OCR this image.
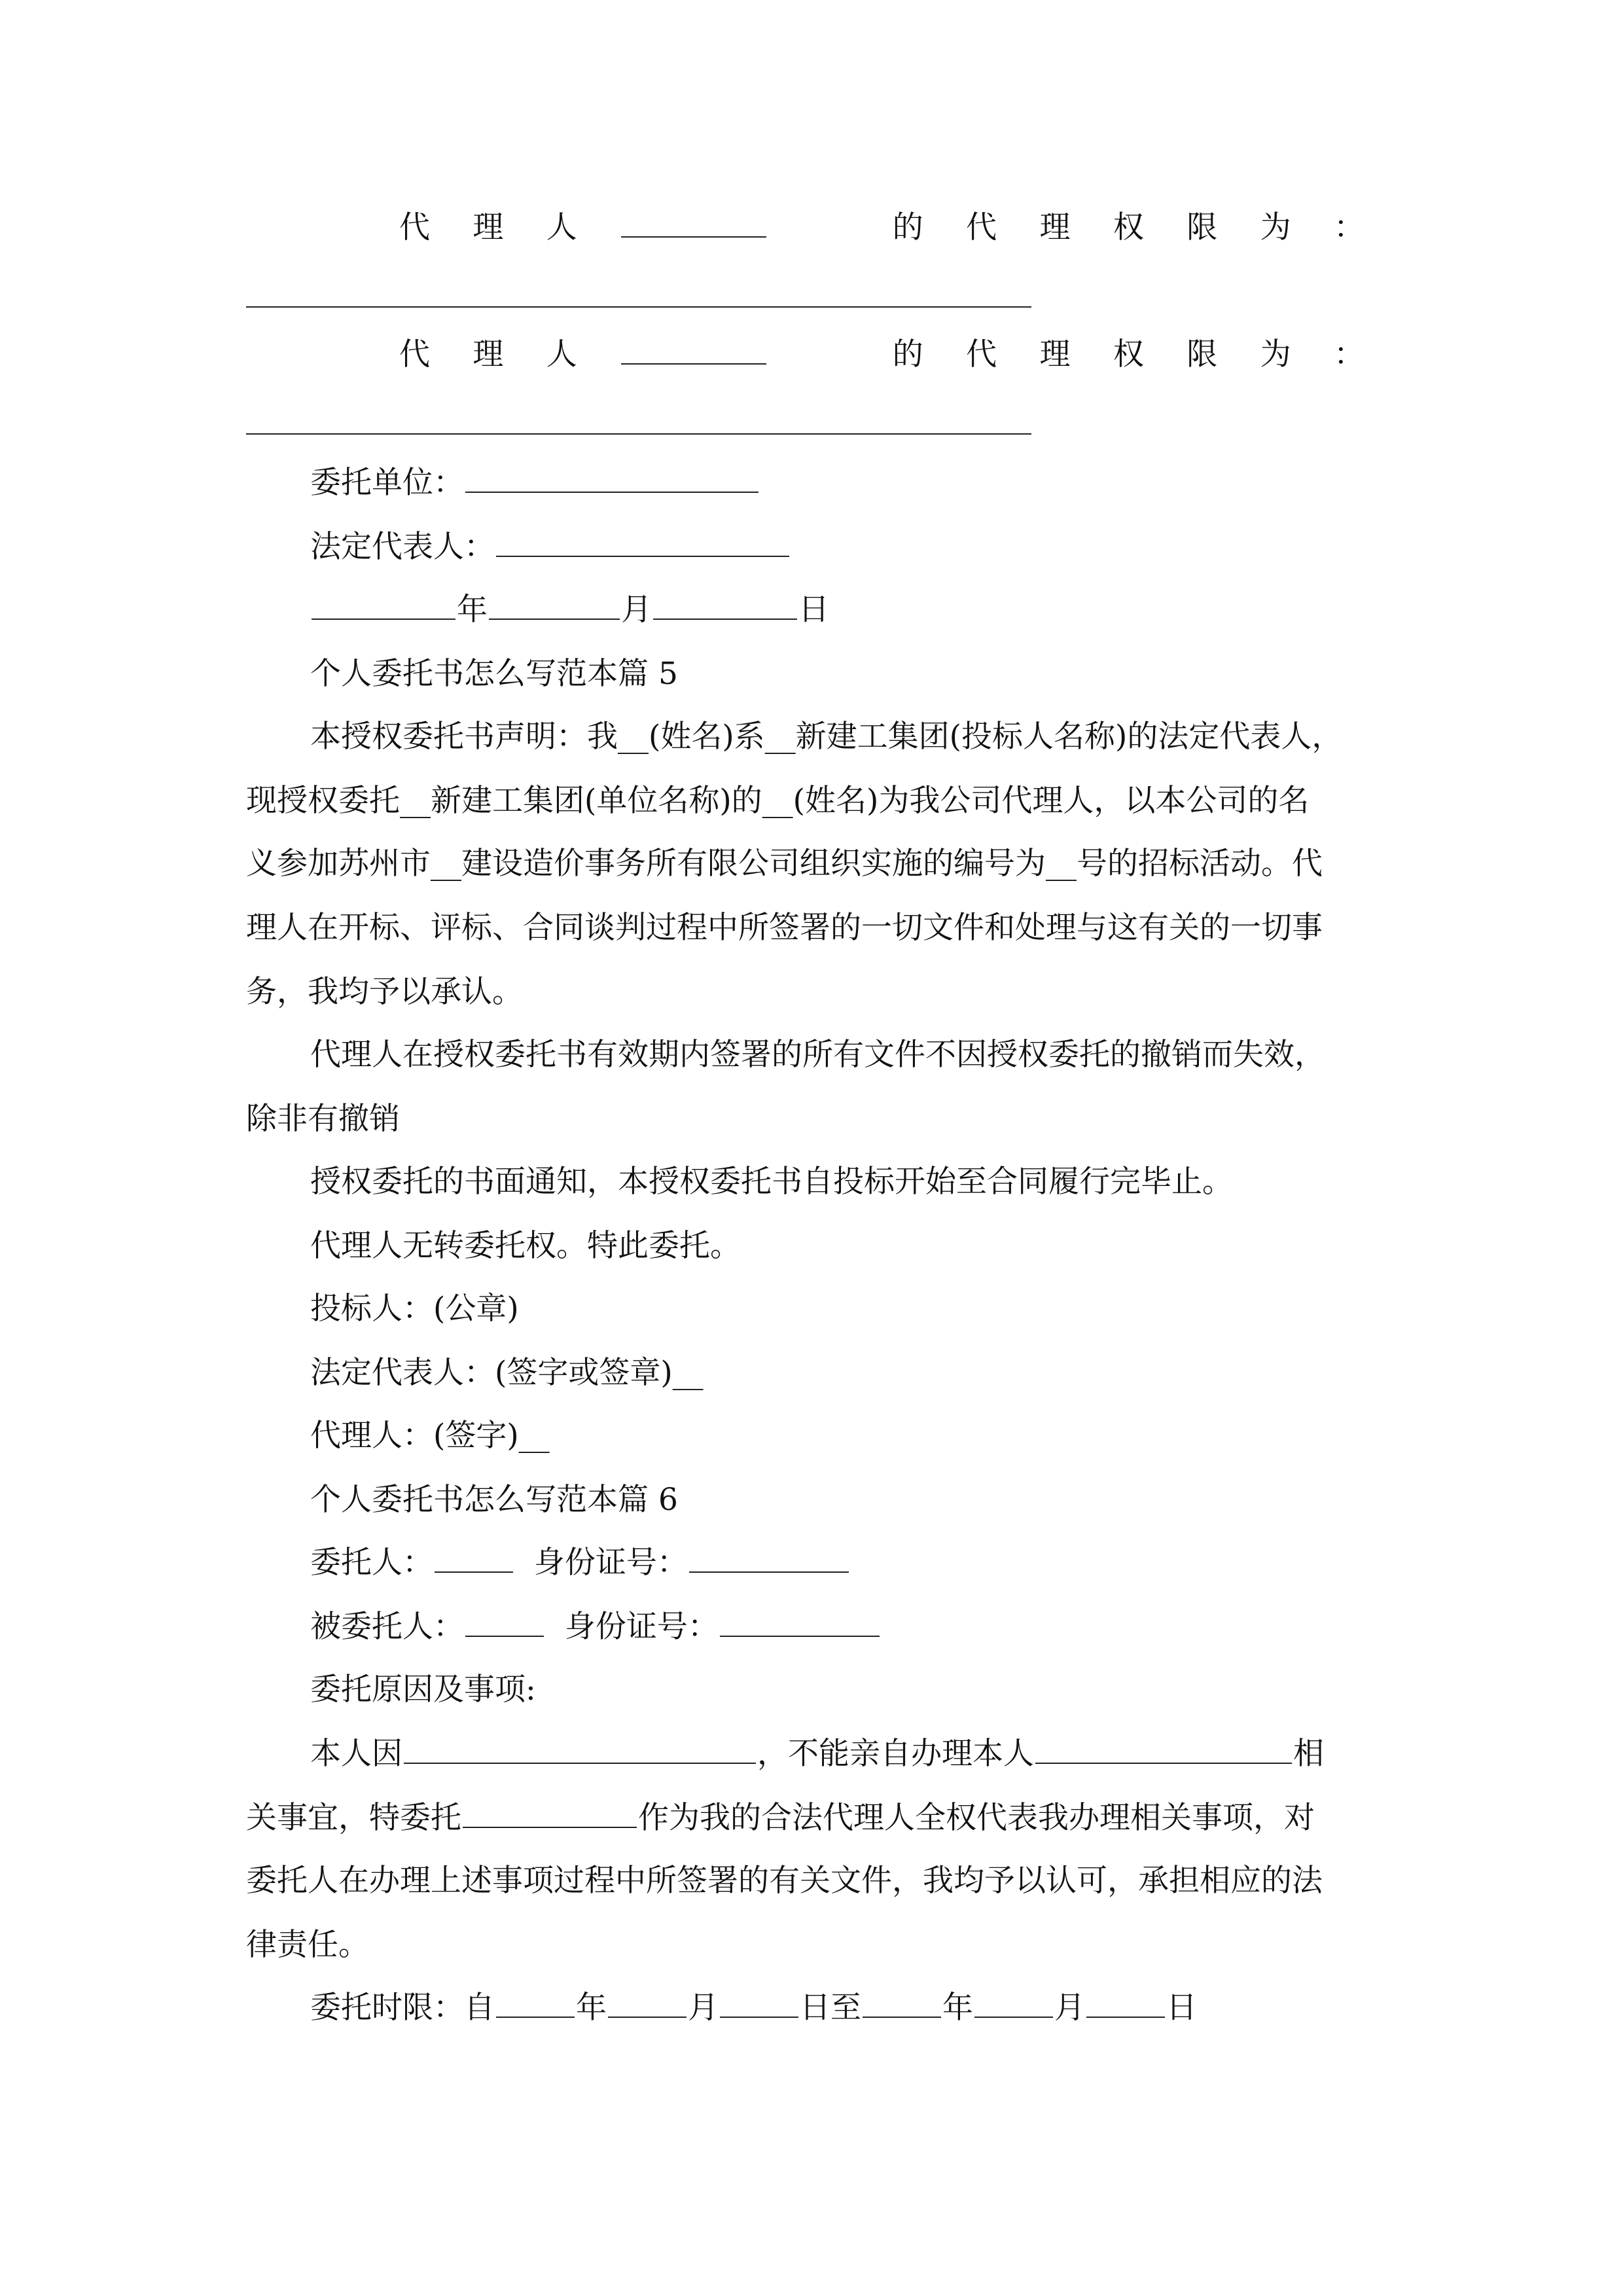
代 理 人	的 代 理 权 限 为 ：
代 理 人	的 代 理 权 限 为 ：
委托单位：
法定代表人：
年	月	日
个人委托书怎么写范本篇 5
本授权委托书声明：我__(姓名)系__新建工集团(投标人名称)的法定代表人，
现授权委托__新建工集团(单位名称)的__(姓名)为我公司代理人，以本公司的名
义参加苏州市__建设造价事务所有限公司组织实施的编号为__号的招标活动。代
理人在开标、评标、合同谈判过程中所签署的一切文件和处理与这有关的一切事
务，我均予以承认。
代理人在授权委托书有效期内签署的所有文件不因授权委托的撤销而失效，
除非有撤销
授权委托的书面通知，本授权委托书自投标开始至合同履行完毕止。
代理人无转委托权。特此委托。
投标人：(公章)
法定代表人：(签字或签章)__
代理人：(签字)__
个人委托书怎么写范本篇 6
委托人：	身份证号：
被委托人：	身份证号：
委托原因及事项:
本人因	，不能亲自办理本人	相
关事宜，特委托	作为我的合法代理人全权代表我办理相关事项，对
委托人在办理上述事项过程中所签署的有关文件，我均予以认可，承担相应的法
律责任。
委托时限：自	年	月	日至	年	月	日
